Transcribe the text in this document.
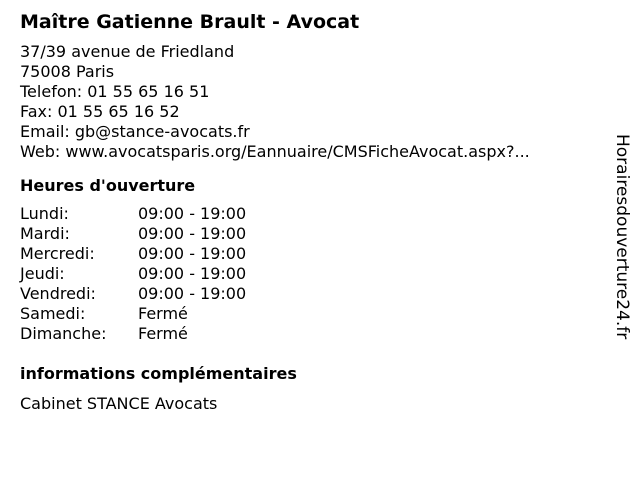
Maître Gatienne Brault - Avocat
37/39 avenue de Friedland
75008 Paris
Telefon: 01 55 65 16 51
Fax: 01 55 65 16 52
Email: gb@stance-avocats.fr
Web: www.avocatsparis.org/Eannuaire/CMSFicheAvocat.aspx?...
Heures d'ouverture
Lundi:	09:00 - 19:00
Mardi:	09:00 - 19:00
Mercredi:	09:00 - 19:00
Jeudi:	09:00 - 19:00
Vendredi:	09:00 - 19:00
Samedi:	Fermé
Dimanche:	Fermé
informations complémentaires
Cabinet STANCE Avocats
Horairesdouverture24.fr
